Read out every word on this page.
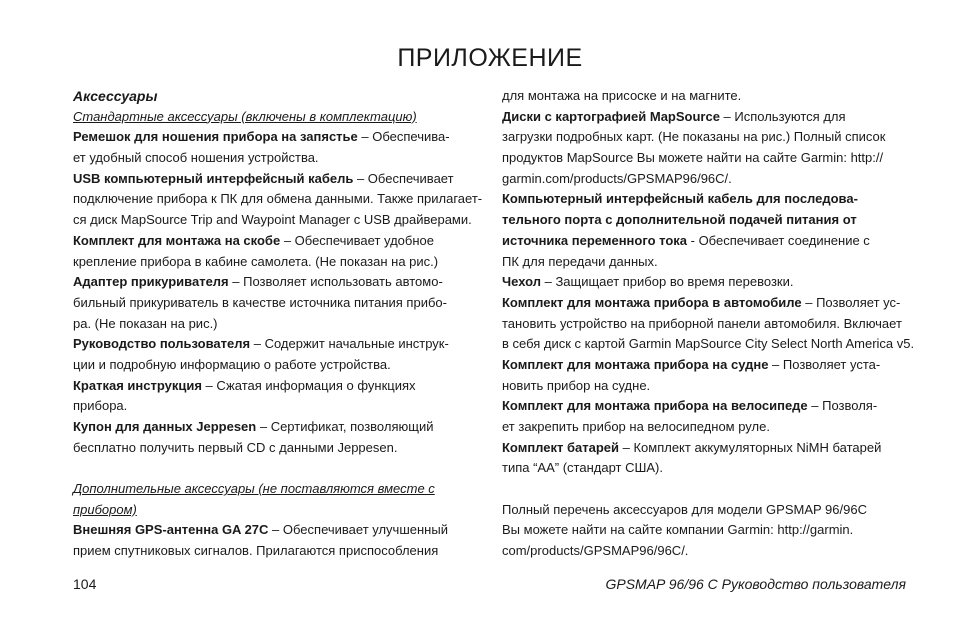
ПРИЛОЖЕНИЕ
Аксессуары
Стандартные аксессуары (включены в комплектацию)
Ремешок для ношения прибора на запястье – Обеспечива-
ет удобный способ ношения устройства.
USB компьютерный интерфейсный кабель – Обеспечивает
подключение прибора к ПК для обмена данными. Также прилагает-
ся диск MapSource Trip and Waypoint Manager с USB драйверами.
Комплект для монтажа на скобе – Обеспечивает удобное
крепление прибора в кабине самолета. (Не показан на рис.)
Адаптер прикуривателя – Позволяет использовать автомо-
бильный прикуриватель в качестве источника питания прибо-
ра. (Не показан на рис.)
Руководство пользователя – Содержит начальные инструк-
ции и подробную информацию о работе устройства.
Краткая инструкция – Сжатая информация о функциях
прибора.
Купон для данных Jeppesen – Сертификат, позволяющий
бесплатно получить первый CD с данными Jeppesen.
Дополнительные аксессуары (не поставляются вместе с
прибором)
Внешняя GPS-антенна GA 27C – Обеспечивает улучшенный
прием спутниковых сигналов. Прилагаются приспособления
для монтажа на присоске и на магните.
Диски с картографией MapSource – Используются для
загрузки подробных карт. (Не показаны на рис.) Полный список
продуктов MapSource Вы можете найти на сайте Garmin: http://
garmin.com/products/GPSMAP96/96C/.
Компьютерный интерфейсный кабель для последова-
тельного порта с дополнительной подачей питания от
источника переменного тока - Обеспечивает соединение с
ПК для передачи данных.
Чехол – Защищает прибор во время перевозки.
Комплект для монтажа прибора в автомобиле – Позволяет ус-
тановить устройство на приборной панели автомобиля. Включает
в себя диск с картой Garmin MapSource City Select North America v5.
Комплект для монтажа прибора на судне – Позволяет уста-
новить прибор на судне.
Комплект для монтажа прибора на велосипеде – Позволя-
ет закрепить прибор на велосипедном руле.
Комплект батарей – Комплект аккумуляторных NiMH батарей
типа “АА” (стандарт США).
Полный перечень аксессуаров для модели GPSMAP 96/96C
Вы можете найти на сайте компании Garmin: http://garmin.
com/products/GPSMAP96/96C/.
104	GPSMAP 96/96 C Руководство пользователя
